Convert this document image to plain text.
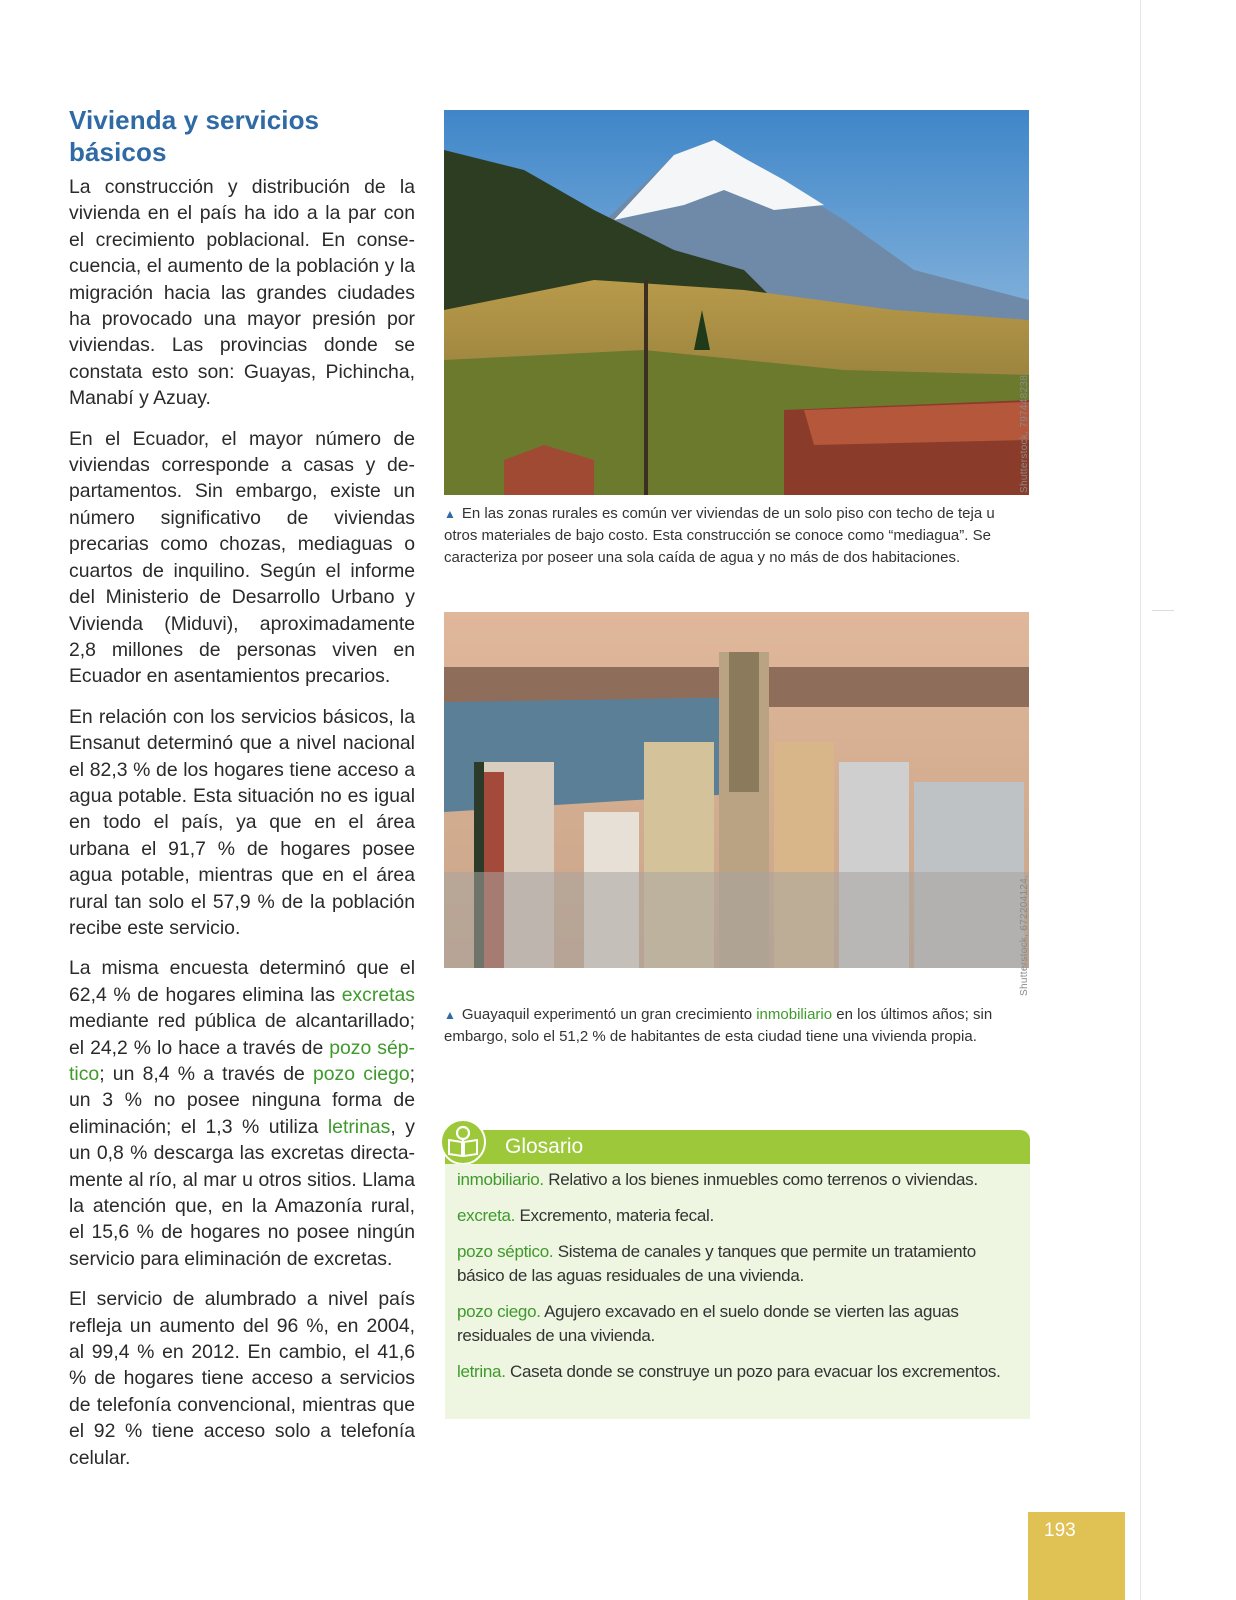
Vivienda y servicios básicos

La construcción y distribución de la vivienda en el país ha ido a la par con el crecimiento poblacional. En consecuencia, el aumento de la población y la migración hacia las grandes ciudades ha provocado una mayor presión por viviendas. Las provincias donde se constata esto son: Guayas, Pichincha, Manabí y Azuay.

En el Ecuador, el mayor número de viviendas corresponde a casas y departamentos. Sin embargo, existe un número significativo de viviendas precarias como chozas, mediaguas o cuartos de inquilino. Según el informe del Ministerio de Desarrollo Urbano y Vivienda (Miduvi), aproximadamente 2,8 millones de personas viven en Ecuador en asentamientos precarios.

En relación con los servicios básicos, la Ensanut determinó que a nivel nacional el 82,3 % de los hogares tiene acceso a agua potable. Esta situación no es igual en todo el país, ya que en el área urbana el 91,7 % de hogares posee agua potable, mientras que en el área rural tan solo el 57,9 % de la población recibe este servicio.

La misma encuesta determinó que el 62,4 % de hogares elimina las excretas mediante red pública de alcantarillado; el 24,2 % lo hace a través de pozo séptico; un 8,4 % a través de pozo ciego; un 3 % no posee ninguna forma de eliminación; el 1,3 % utiliza letrinas, y un 0,8 % descarga las excretas directamente al río, al mar u otros sitios. Llama la atención que, en la Amazonía rural, el 15,6 % de hogares no posee ningún servicio para eliminación de excretas.

El servicio de alumbrado a nivel país refleja un aumento del 96 %, en 2004, al 99,4 % en 2012. En cambio, el 41,6 % de hogares tiene acceso a servicios de telefonía convencional, mientras que el 92 % tiene acceso solo a telefonía celular.

Shutterstock, 797448238.
▲ En las zonas rurales es común ver viviendas de un solo piso con techo de teja u otros materiales de bajo costo. Esta construcción se conoce como “mediagua”. Se caracteriza por poseer una sola caída de agua y no más de dos habitaciones.
Shutterstock, 672204124.
▲ Guayaquil experimentó un gran crecimiento inmobiliario en los últimos años; sin embargo, solo el 51,2 % de habitantes de esta ciudad tiene una vivienda propia.
Glosario

inmobiliario. Relativo a los bienes inmuebles como terrenos o viviendas.

excreta. Excremento, materia fecal.

pozo séptico. Sistema de canales y tanques que permite un tratamiento básico de las aguas residuales de una vivienda.

pozo ciego. Agujero excavado en el suelo donde se vierten las aguas residuales de una vivienda.

letrina. Caseta donde se construye un pozo para evacuar los excrementos.

193
